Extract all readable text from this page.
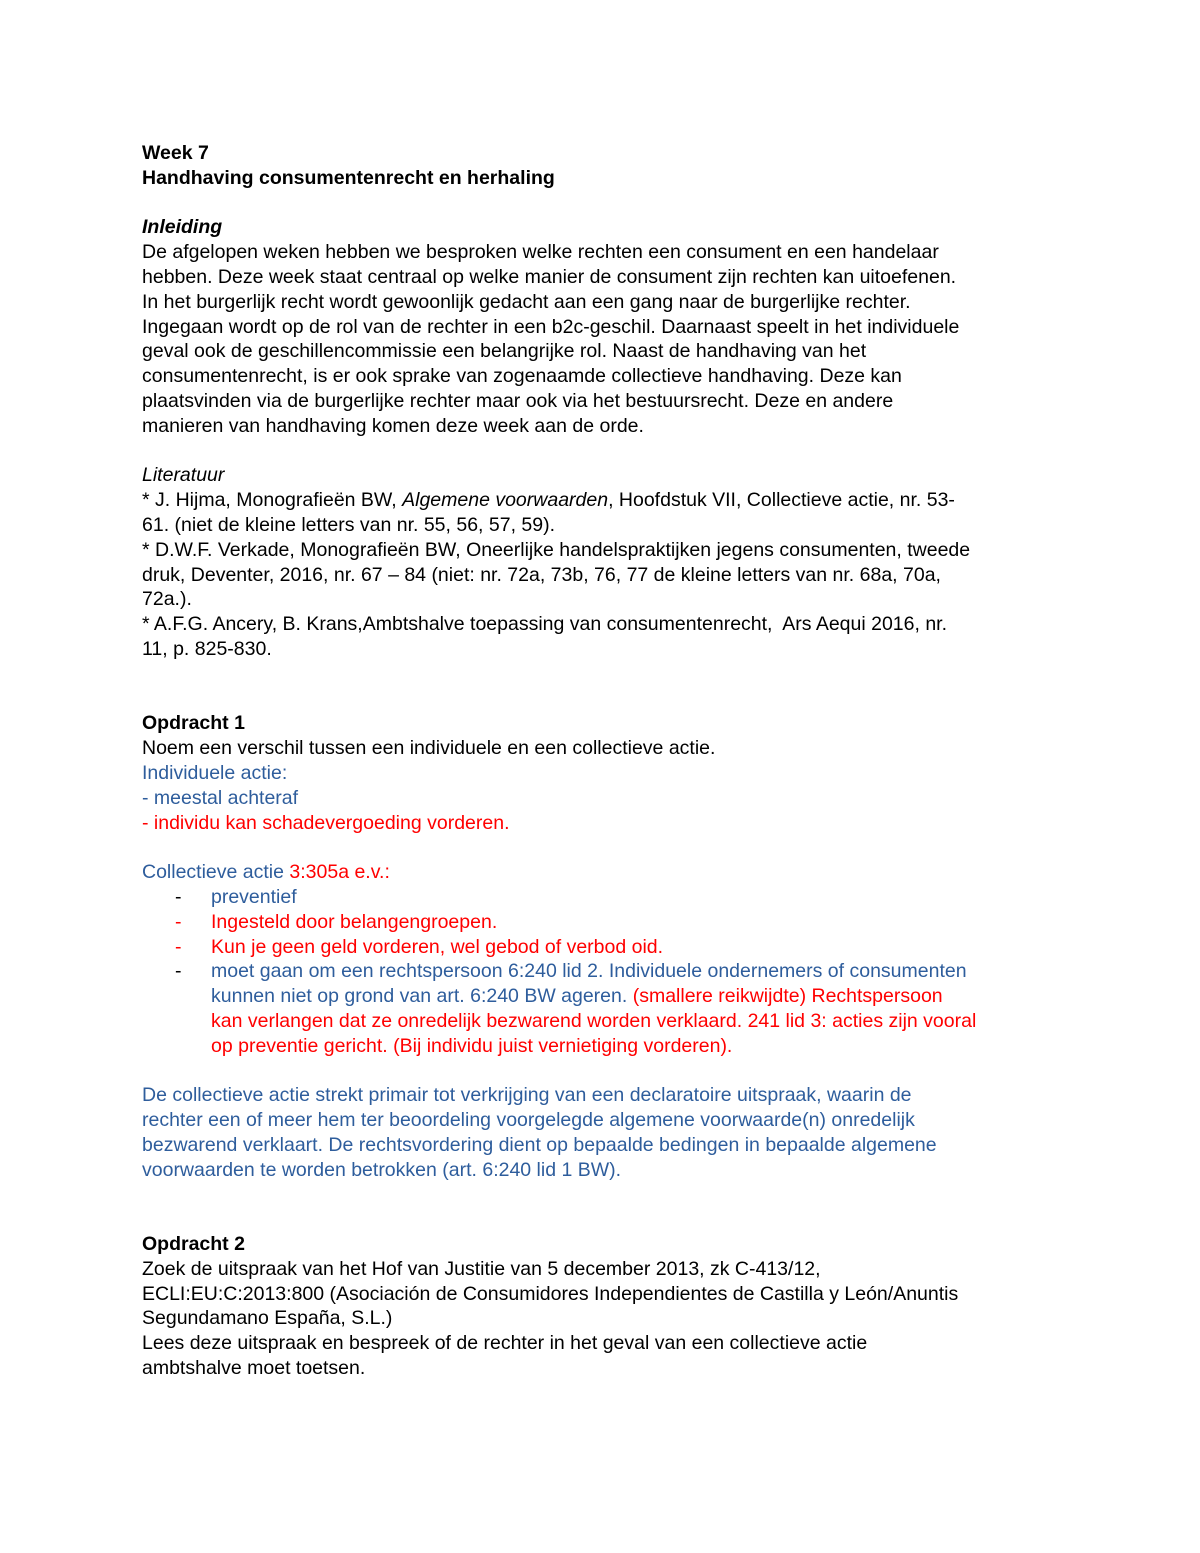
Week 7
Handhaving consumentenrecht en herhaling
Inleiding
De afgelopen weken hebben we besproken welke rechten een consument en een handelaar
hebben. Deze week staat centraal op welke manier de consument zijn rechten kan uitoefenen.
In het burgerlijk recht wordt gewoonlijk gedacht aan een gang naar de burgerlijke rechter.
Ingegaan wordt op de rol van de rechter in een b2c-geschil. Daarnaast speelt in het individuele
geval ook de geschillencommissie een belangrijke rol. Naast de handhaving van het
consumentenrecht, is er ook sprake van zogenaamde collectieve handhaving. Deze kan
plaatsvinden via de burgerlijke rechter maar ook via het bestuursrecht. Deze en andere
manieren van handhaving komen deze week aan de orde.
Literatuur
* J. Hijma, Monografieën BW, Algemene voorwaarden, Hoofdstuk VII, Collectieve actie, nr. 53-
61. (niet de kleine letters van nr. 55, 56, 57, 59).
* D.W.F. Verkade, Monografieën BW, Oneerlijke handelspraktijken jegens consumenten, tweede
druk, Deventer, 2016, nr. 67 – 84 (niet: nr. 72a, 73b, 76, 77 de kleine letters van nr. 68a, 70a,
72a.).
* A.F.G. Ancery, B. Krans,Ambtshalve toepassing van consumentenrecht,  Ars Aequi 2016, nr.
11, p. 825-830.
Opdracht 1
Noem een verschil tussen een individuele en een collectieve actie.
Individuele actie:
- meestal achteraf
- individu kan schadevergoeding vorderen.
Collectieve actie 3:305a e.v.:
- preventief
- Ingesteld door belangengroepen.
- Kun je geen geld vorderen, wel gebod of verbod oid.
- moet gaan om een rechtspersoon 6:240 lid 2. Individuele ondernemers of consumenten
kunnen niet op grond van art. 6:240 BW ageren. (smallere reikwijdte) Rechtspersoon
kan verlangen dat ze onredelijk bezwarend worden verklaard. 241 lid 3: acties zijn vooral
op preventie gericht. (Bij individu juist vernietiging vorderen).
De collectieve actie strekt primair tot verkrijging van een declaratoire uitspraak, waarin de
rechter een of meer hem ter beoordeling voorgelegde algemene voorwaarde(n) onredelijk
bezwarend verklaart. De rechtsvordering dient op bepaalde bedingen in bepaalde algemene
voorwaarden te worden betrokken (art. 6:240 lid 1 BW).
Opdracht 2
Zoek de uitspraak van het Hof van Justitie van 5 december 2013, zk C-413/12,
ECLI:EU:C:2013:800 (Asociación de Consumidores Independientes de Castilla y León/Anuntis
Segundamano España, S.L.)
Lees deze uitspraak en bespreek of de rechter in het geval van een collectieve actie
ambtshalve moet toetsen.
